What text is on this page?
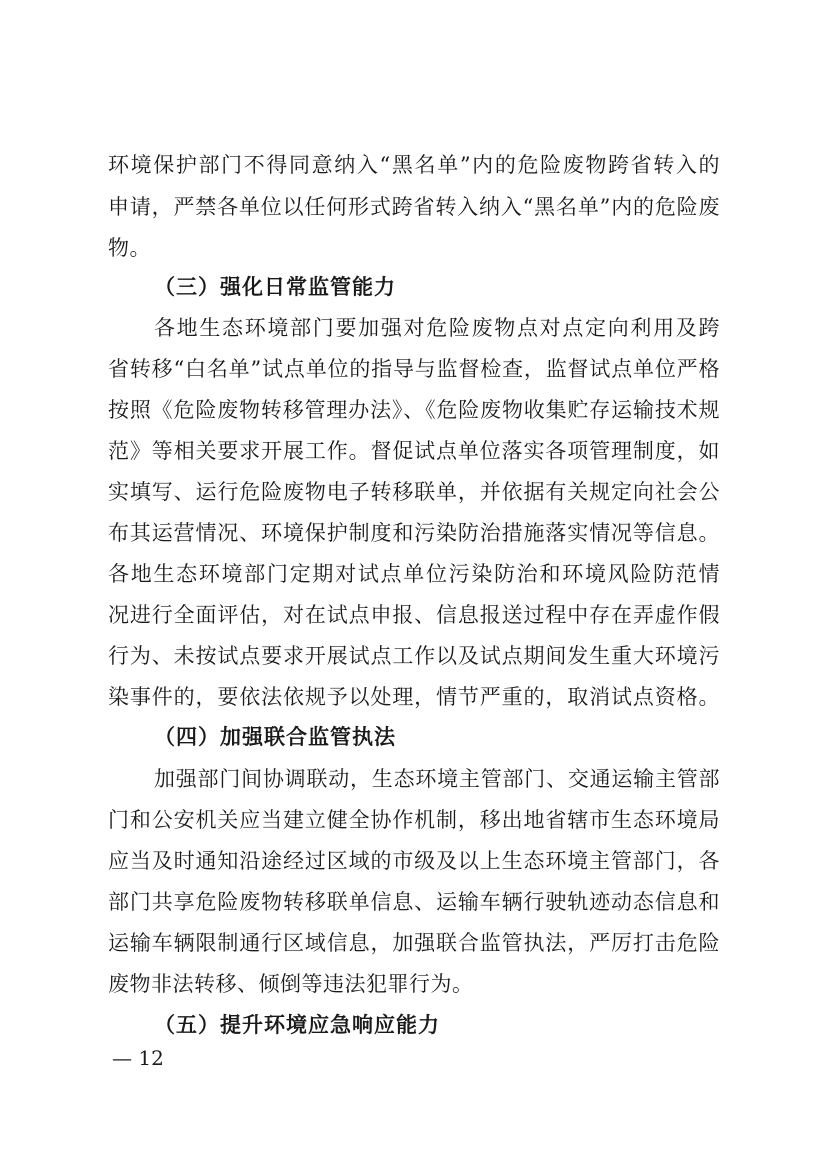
环境保护部门不得同意纳入“黑名单”内的危险废物跨省转入的
申请，严禁各单位以任何形式跨省转入纳入“黑名单”内的危险废
物。
（三）强化日常监管能力
各地生态环境部门要加强对危险废物点对点定向利用及跨
省转移“白名单”试点单位的指导与监督检查，监督试点单位严格
按照《危险废物转移管理办法》、《危险废物收集贮存运输技术规
范》等相关要求开展工作。督促试点单位落实各项管理制度，如
实填写、运行危险废物电子转移联单，并依据有关规定向社会公
布其运营情况、环境保护制度和污染防治措施落实情况等信息。
各地生态环境部门定期对试点单位污染防治和环境风险防范情
况进行全面评估，对在试点申报、信息报送过程中存在弄虚作假
行为、未按试点要求开展试点工作以及试点期间发生重大环境污
染事件的，要依法依规予以处理，情节严重的，取消试点资格。
（四）加强联合监管执法
加强部门间协调联动，生态环境主管部门、交通运输主管部
门和公安机关应当建立健全协作机制，移出地省辖市生态环境局
应当及时通知沿途经过区域的市级及以上生态环境主管部门，各
部门共享危险废物转移联单信息、运输车辆行驶轨迹动态信息和
运输车辆限制通行区域信息，加强联合监管执法，严厉打击危险
废物非法转移、倾倒等违法犯罪行为。
（五）提升环境应急响应能力
— 12
